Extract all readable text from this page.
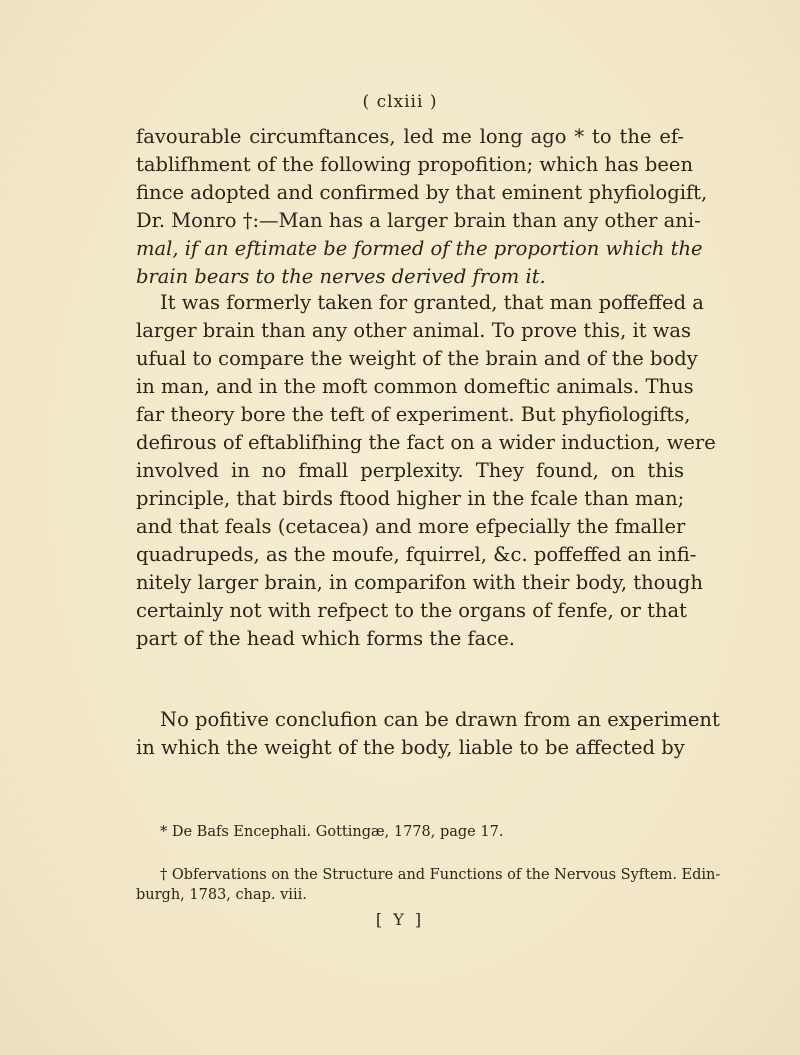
( clxiii )
favourable circumftances, led me long ago * to the ef-
tablifhment of the following propofition; which has been
fince adopted and confirmed by that eminent phyfiologift,
Dr. Monro †:—Man has a larger brain than any other ani-
mal, if an eftimate be formed of the proportion which the
brain bears to the nerves derived from it.
It was formerly taken for granted, that man poffeffed a
larger brain than any other animal. To prove this, it was
ufual to compare the weight of the brain and of the body
in man, and in the moft common domeftic animals. Thus
far theory bore the teft of experiment. But phyfiologifts,
defirous of eftablifhing the fact on a wider induction, were
involved in no fmall perplexity. They found, on this
principle, that birds ftood higher in the fcale than man;
and that feals (cetacea) and more efpecially the fmaller
quadrupeds, as the moufe, fquirrel, &c. poffeffed an infi-
nitely larger brain, in comparifon with their body, though
certainly not with refpect to the organs of fenfe, or that
part of the head which forms the face.
No pofitive conclufion can be drawn from an experiment
in which the weight of the body, liable to be affected by
* De Bafs Encephali. Gottingæ, 1778, page 17.
† Obfervations on the Structure and Functions of the Nervous Syftem. Edin-
burgh, 1783, chap. viii.
[ Y ]
